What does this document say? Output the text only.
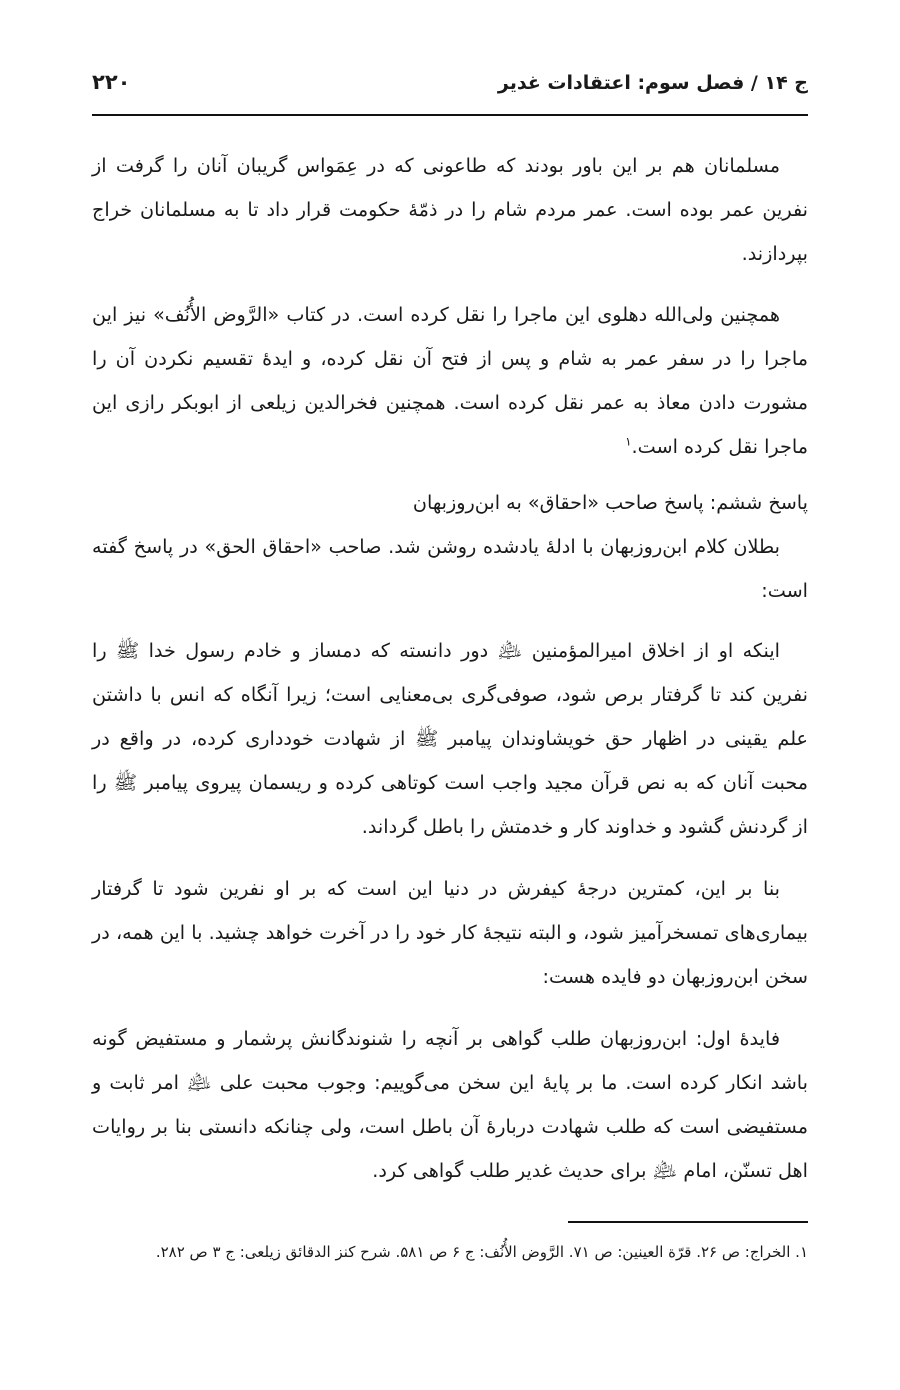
ج ۱۴ / فصل سوم: اعتقادات غدیر
۲۲۰

مسلمانان هم بر این باور بودند که طاعونی که در عِمَواس گریبان آنان را گرفت از نفرین عمر بوده است. عمر مردم شام را در ذمّهٔ حکومت قرار داد تا به مسلمانان خراج بپردازند.

همچنین ولی‌الله دهلوی این ماجرا را نقل کرده است. در کتاب «الرَّوض الأُنُف» نیز این ماجرا را در سفر عمر به شام و پس از فتح آن نقل کرده، و ایدهٔ تقسیم نکردن آن را مشورت دادن معاذ به عمر نقل کرده است. همچنین فخرالدین زیلعی از ابوبکر رازی این ماجرا نقل کرده است.$^۱$

پاسخ ششم: پاسخ صاحب «احقاق» به ابن‌روزبهان

بطلان کلام ابن‌روزبهان با ادلهٔ یادشده روشن شد. صاحب «احقاق الحق» در پاسخ گفته است:

اینکه او از اخلاق امیرالمؤمنین ﵇ دور دانسته که دمساز و خادم رسول خدا ﷺ را نفرین کند تا گرفتار برص شود، صوفی‌گری بی‌معنایی است؛ زیرا آنگاه که انس با داشتن علم یقینی در اظهار حق خویشاوندان پیامبر ﷺ از شهادت خودداری کرده، در واقع در محبت آنان که به نص قرآن مجید واجب است کوتاهی کرده و ریسمان پیروی پیامبر ﷺ را از گردنش گشود و خداوند کار و خدمتش را باطل گرداند.

بنا بر این، کمترین درجهٔ کیفرش در دنیا این است که بر او نفرین شود تا گرفتار بیماری‌های تمسخرآمیز شود، و البته نتیجهٔ کار خود را در آخرت خواهد چشید. با این همه، در سخن ابن‌روزبهان دو فایده هست:

فایدهٔ اول: ابن‌روزبهان طلب گواهی بر آنچه را شنوندگانش پرشمار و مستفیض گونه باشد انکار کرده است. ما بر پایهٔ این سخن می‌گوییم: وجوب محبت علی ﵇ امر ثابت و مستفیضی است که طلب شهادت دربارهٔ آن باطل است، ولی چنانکه دانستی بنا بر روایات اهل تسنّن، امام ﵇ برای حدیث غدیر طلب گواهی کرد.

۱. الخراج: ص ۲۶. قرّة العینین: ص ۷۱. الرَّوض الأُنُف: ج ۶ ص ۵۸۱. شرح کنز الدقائق زیلعی: ج ۳ ص ۲۸۲.
